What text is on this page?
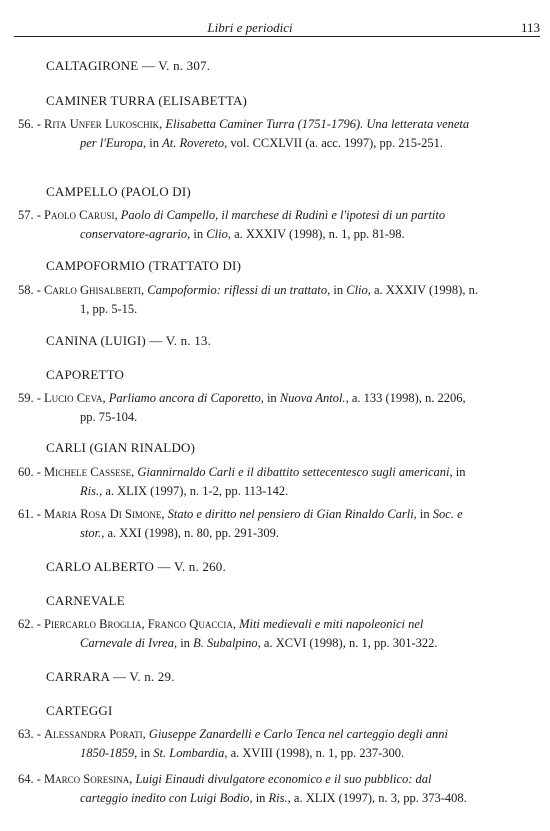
Libri e periodici	113
CALTAGIRONE — V. n. 307.
CAMINER TURRA (ELISABETTA)
56. - Rita Unfer Lukoschik, Elisabetta Caminer Turra (1751-1796). Una letterata veneta per l'Europa, in At. Rovereto, vol. CCXLVII (a. acc. 1997), pp. 215-251.
CAMPELLO (PAOLO DI)
57. - Paolo Carusi, Paolo di Campello, il marchese di Rudinì e l'ipotesi di un partito conservatore-agrario, in Clio, a. XXXIV (1998), n. 1, pp. 81-98.
CAMPOFORMIO (TRATTATO DI)
58. - Carlo Ghisalberti, Campoformio: riflessi di un trattato, in Clio, a. XXXIV (1998), n. 1, pp. 5-15.
CANINA (LUIGI) — V. n. 13.
CAPORETTO
59. - Lucio Ceva, Parliamo ancora di Caporetto, in Nuova Antol., a. 133 (1998), n. 2206, pp. 75-104.
CARLI (GIAN RINALDO)
60. - Michele Cassese, Giannirnaldo Carli e il dibattito settecentesco sugli americani, in Ris., a. XLIX (1997), n. 1-2, pp. 113-142.
61. - Maria Rosa Di Simone, Stato e diritto nel pensiero di Gian Rinaldo Carli, in Soc. e stor., a. XXI (1998), n. 80, pp. 291-309.
CARLO ALBERTO — V. n. 260.
CARNEVALE
62. - Piercarlo Broglia, Franco Quaccia, Miti medievali e miti napoleonici nel Carnevale di Ivrea, in B. Subalpino, a. XCVI (1998), n. 1, pp. 301-322.
CARRARA — V. n. 29.
CARTEGGI
63. - Alessandra Porati, Giuseppe Zanardelli e Carlo Tenca nel carteggio degli anni 1850-1859, in St. Lombardia, a. XVIII (1998), n. 1, pp. 237-300.
64. - Marco Soresina, Luigi Einaudi divulgatore economico e il suo pubblico: dal carteggio inedito con Luigi Bodio, in Ris., a. XLIX (1997), n. 3, pp. 373-408.
